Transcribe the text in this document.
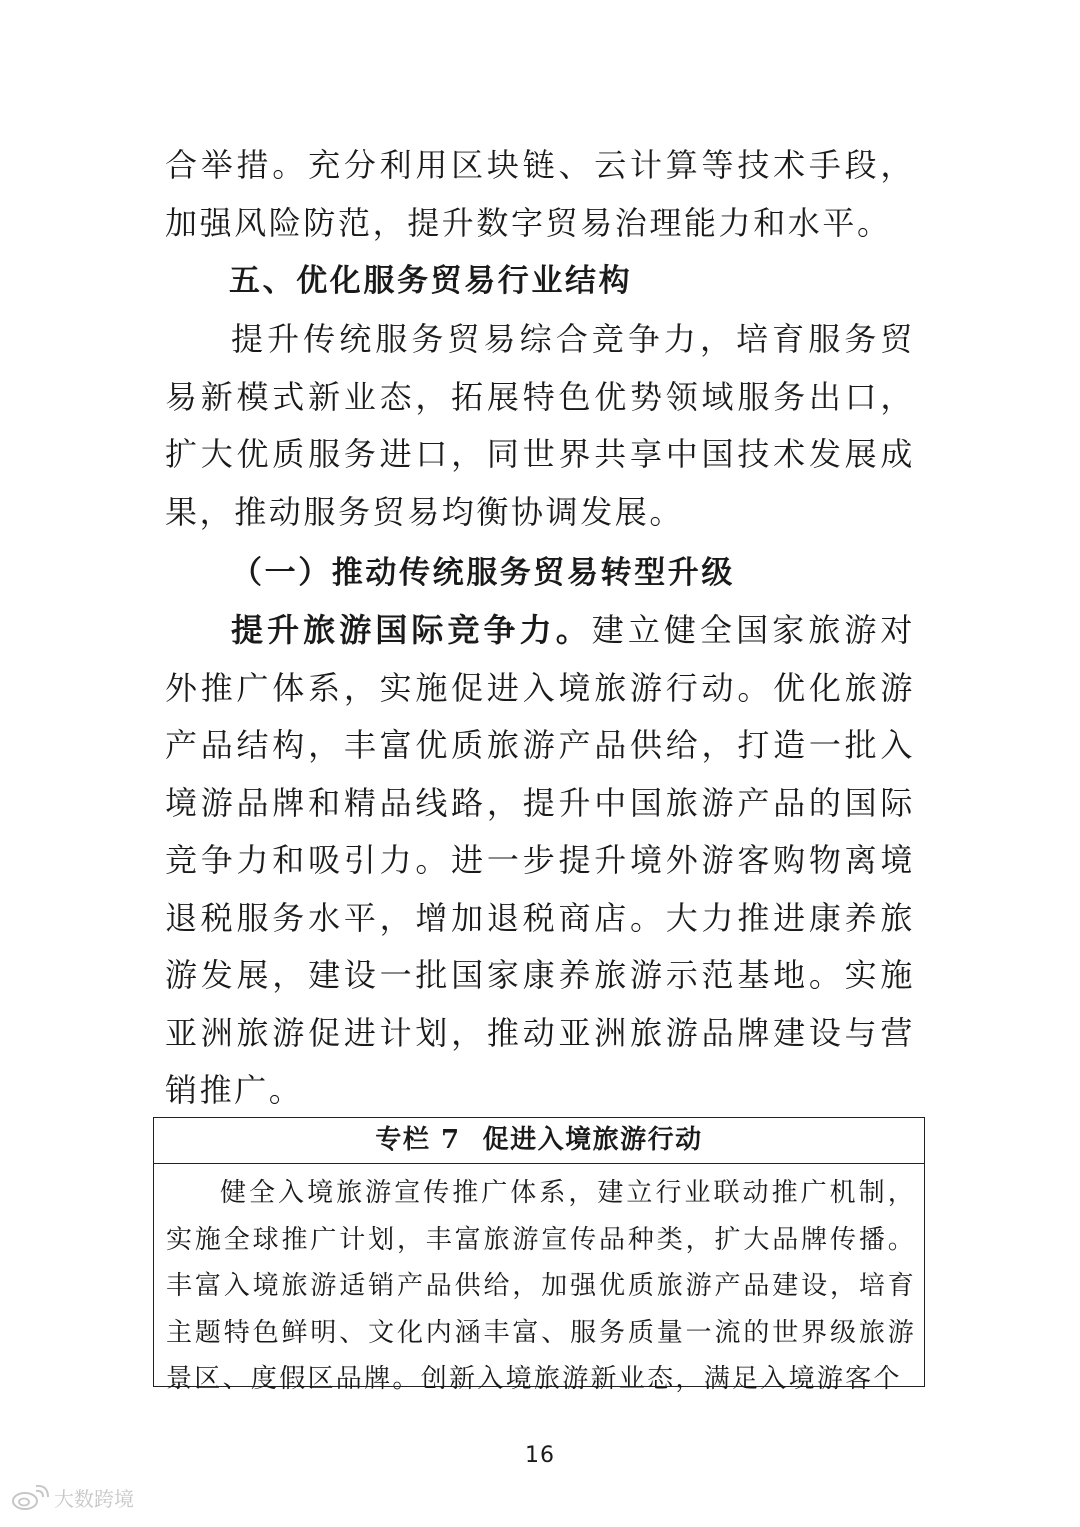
合举措。充分利用区块链、云计算等技术手段，加强风险防范，提升数字贸易治理能力和水平。

五、优化服务贸易行业结构

提升传统服务贸易综合竞争力，培育服务贸易新模式新业态，拓展特色优势领域服务出口，扩大优质服务进口，同世界共享中国技术发展成果，推动服务贸易均衡协调发展。

（一）推动传统服务贸易转型升级

提升旅游国际竞争力。建立健全国家旅游对外推广体系，实施促进入境旅游行动。优化旅游产品结构，丰富优质旅游产品供给，打造一批入境游品牌和精品线路，提升中国旅游产品的国际竞争力和吸引力。进一步提升境外游客购物离境退税服务水平，增加退税商店。大力推进康养旅游发展，建设一批国家康养旅游示范基地。实施亚洲旅游促进计划，推动亚洲旅游品牌建设与营销推广。

专栏 7 促进入境旅游行动

健全入境旅游宣传推广体系，建立行业联动推广机制，实施全球推广计划，丰富旅游宣传品种类，扩大品牌传播。丰富入境旅游适销产品供给，加强优质旅游产品建设，培育主题特色鲜明、文化内涵丰富、服务质量一流的世界级旅游景区、度假区品牌。创新入境旅游新业态，满足入境游客个

16
大数跨境
